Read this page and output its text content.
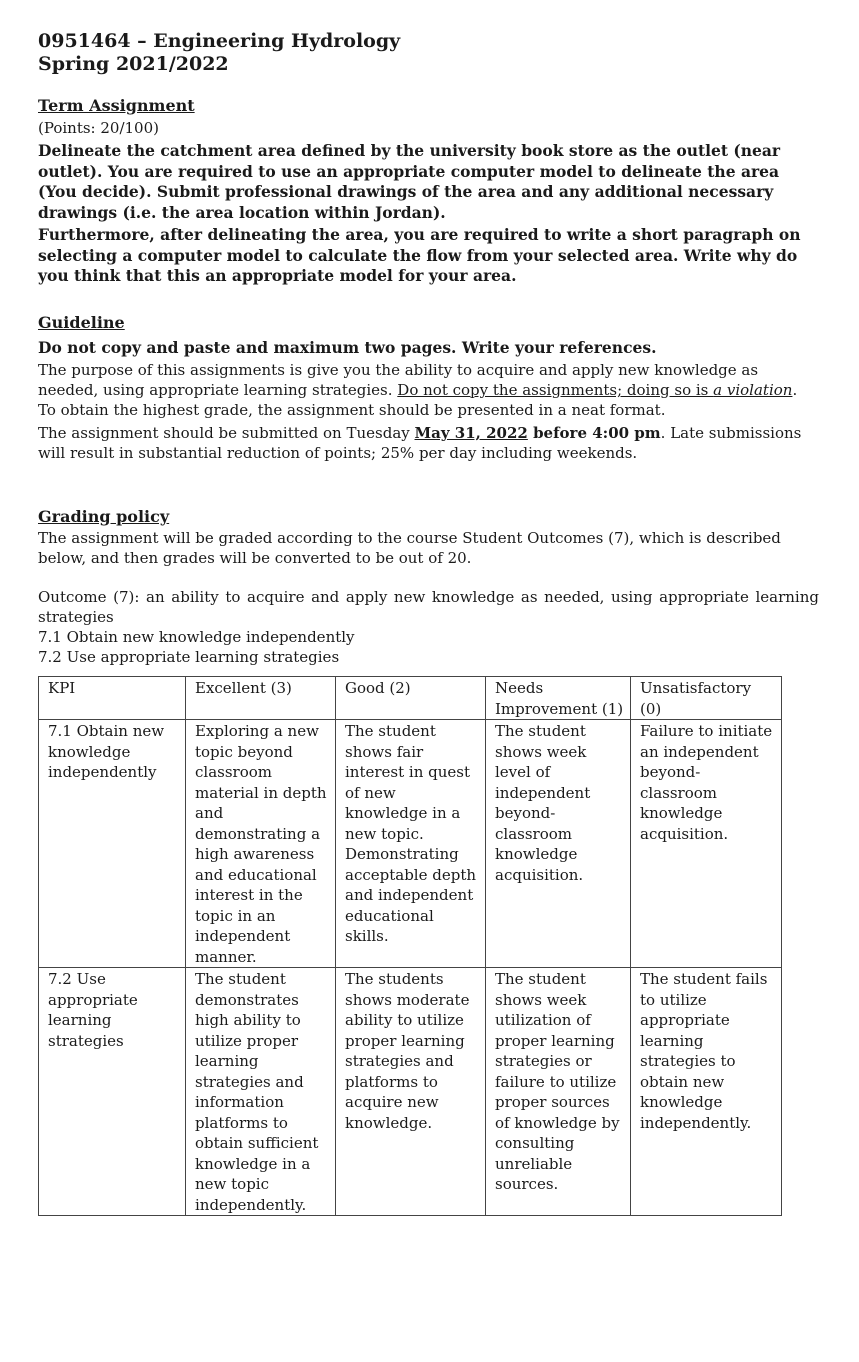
0951464 – Engineering Hydrology
Spring 2021/2022
Term Assignment

(Points: 20/100)

Delineate the catchment area defined by the university book store as the outlet (near outlet). You are required to use an appropriate computer model to delineate the area (You decide). Submit professional drawings of the area and any additional necessary drawings (i.e. the area location within Jordan).

Furthermore, after delineating the area, you are required to write a short paragraph on selecting a computer model to calculate the flow from your selected area. Write why do you think that this an appropriate model for your area.

Guideline

Do not copy and paste and maximum two pages. Write your references.

The purpose of this assignments is give you the ability to acquire and apply new knowledge as needed, using appropriate learning strategies. Do not copy the assignments; doing so is a violation. To obtain the highest grade, the assignment should be presented in a neat format.

The assignment should be submitted on Tuesday May 31, 2022 before 4:00 pm. Late submissions will result in substantial reduction of points; 25% per day including weekends.

Grading policy

The assignment will be graded according to the course Student Outcomes (7), which is described below, and then grades will be converted to be out of 20.

Outcome (7): an ability to acquire and apply new knowledge as needed, using appropriate learning strategies

7.1 Obtain new knowledge independently

7.2 Use appropriate learning strategies

KPI	Excellent (3)	Good (2)	Needs Improvement (1)	Unsatisfactory (0)
7.1 Obtain new knowledge independently	Exploring a new topic beyond classroom material in depth and demonstrating a high awareness and educational interest in the topic in an independent manner.	The student shows fair interest in quest of new knowledge in a new topic. Demonstrating acceptable depth and independent educational skills.	The student shows week level of independent beyond-classroom knowledge acquisition.	Failure to initiate an independent beyond-classroom knowledge acquisition.
7.2 Use appropriate learning strategies	The student demonstrates high ability to utilize proper learning strategies and information platforms to obtain sufficient knowledge in a new topic independently.	The students shows moderate ability to utilize proper learning strategies and platforms to acquire new knowledge.	The student shows week utilization of proper learning strategies or failure to utilize proper sources of knowledge by consulting unreliable sources.	The student fails to utilize appropriate learning strategies to obtain new knowledge independently.
